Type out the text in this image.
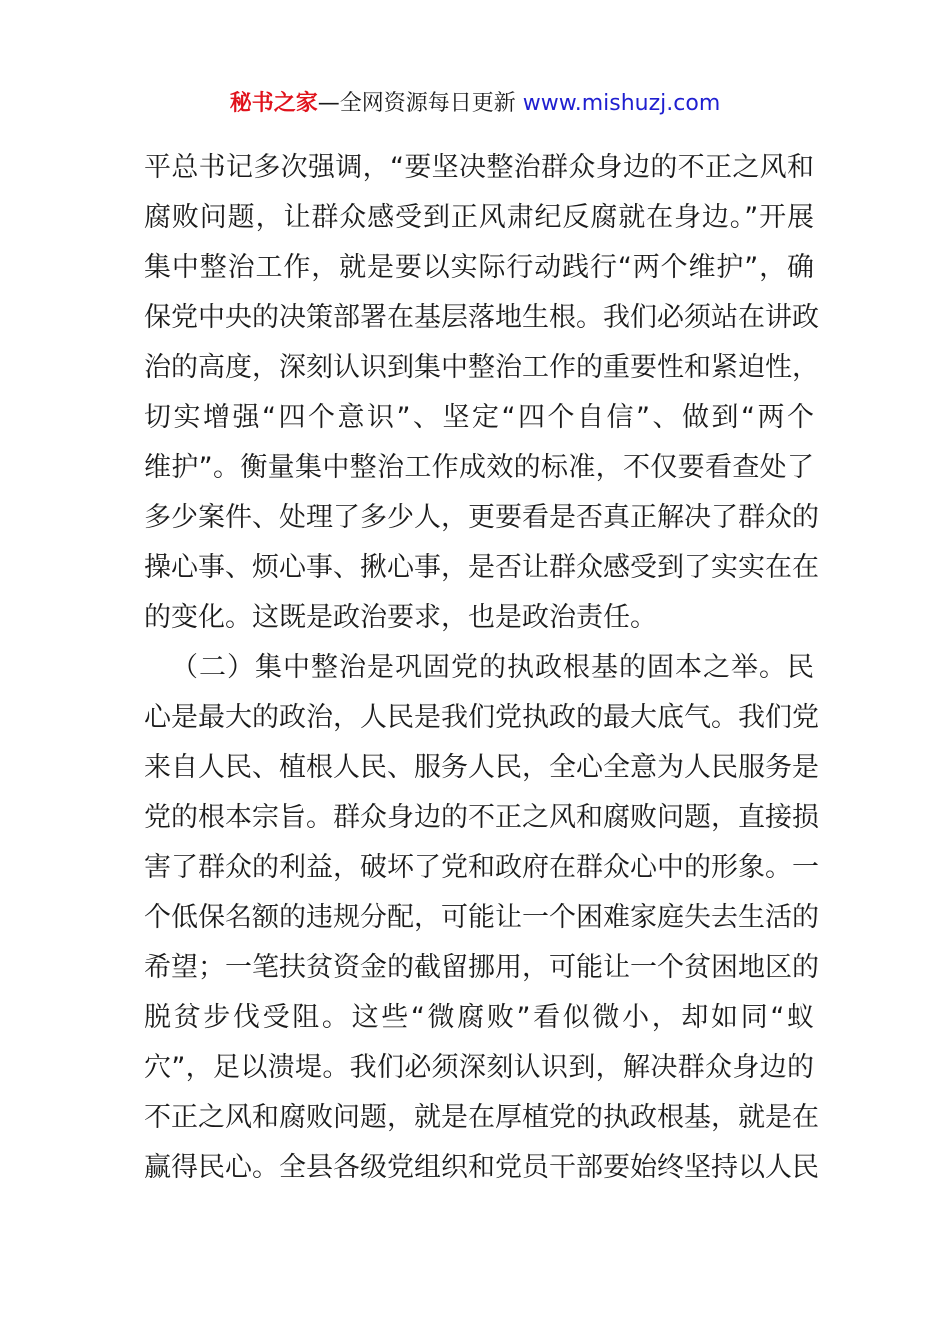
秘书之家—全网资源每日更新 www.mishuzj.com
平总书记多次强调，“要坚决整治群众身边的不正之风和
腐败问题，让群众感受到正风肃纪反腐就在身边。”开展
集中整治工作，就是要以实际行动践行“两个维护”，确
保党中央的决策部署在基层落地生根。我们必须站在讲政
治的高度，深刻认识到集中整治工作的重要性和紧迫性，
切实增强“四个意识”、坚定“四个自信”、做到“两个
维护”。衡量集中整治工作成效的标准，不仅要看查处了
多少案件、处理了多少人，更要看是否真正解决了群众的
操心事、烦心事、揪心事，是否让群众感受到了实实在在
的变化。这既是政治要求，也是政治责任。
（二）集中整治是巩固党的执政根基的固本之举。民
心是最大的政治，人民是我们党执政的最大底气。我们党
来自人民、植根人民、服务人民，全心全意为人民服务是
党的根本宗旨。群众身边的不正之风和腐败问题，直接损
害了群众的利益，破坏了党和政府在群众心中的形象。一
个低保名额的违规分配，可能让一个困难家庭失去生活的
希望；一笔扶贫资金的截留挪用，可能让一个贫困地区的
脱贫步伐受阻。这些“微腐败”看似微小，却如同“蚁
穴”，足以溃堤。我们必须深刻认识到，解决群众身边的
不正之风和腐败问题，就是在厚植党的执政根基，就是在
赢得民心。全县各级党组织和党员干部要始终坚持以人民
